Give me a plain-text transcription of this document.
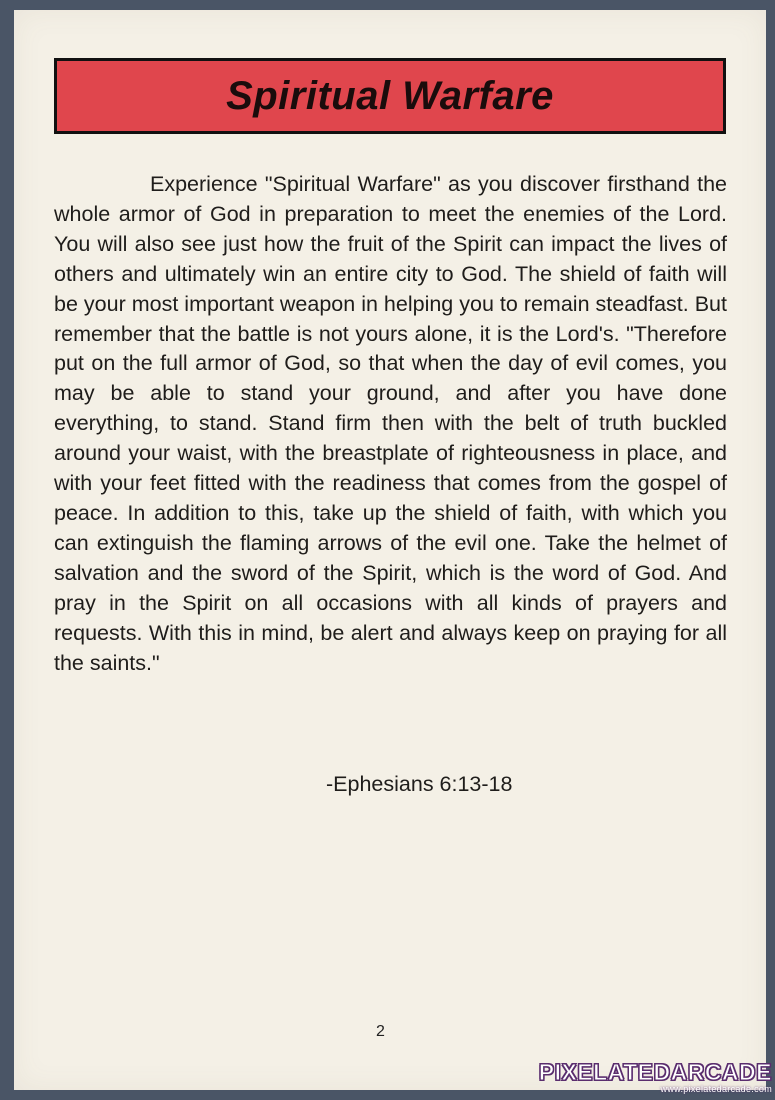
Spiritual Warfare

Experience "Spiritual Warfare" as you discover firsthand the whole armor of God in preparation to meet the enemies of the Lord. You will also see just how the fruit of the Spirit can impact the lives of others and ultimately win an entire city to God. The shield of faith will be your most important weapon in helping you to remain steadfast. But remember that the battle is not yours alone, it is the Lord's. "Therefore put on the full armor of God, so that when the day of evil comes, you may be able to stand your ground, and after you have done everything, to stand. Stand firm then with the belt of truth buckled around your waist, with the breastplate of righteousness in place, and with your feet fitted with the readiness that comes from the gospel of peace. In addition to this, take up the shield of faith, with which you can extinguish the flaming arrows of the evil one. Take the helmet of salvation and the sword of the Spirit, which is the word of God. And pray in the Spirit on all occasions with all kinds of prayers and requests. With this in mind, be alert and always keep on praying for all the saints."

-Ephesians 6:13-18
2
PIXELATEDARCADE
www.pixelatedarcade.com
